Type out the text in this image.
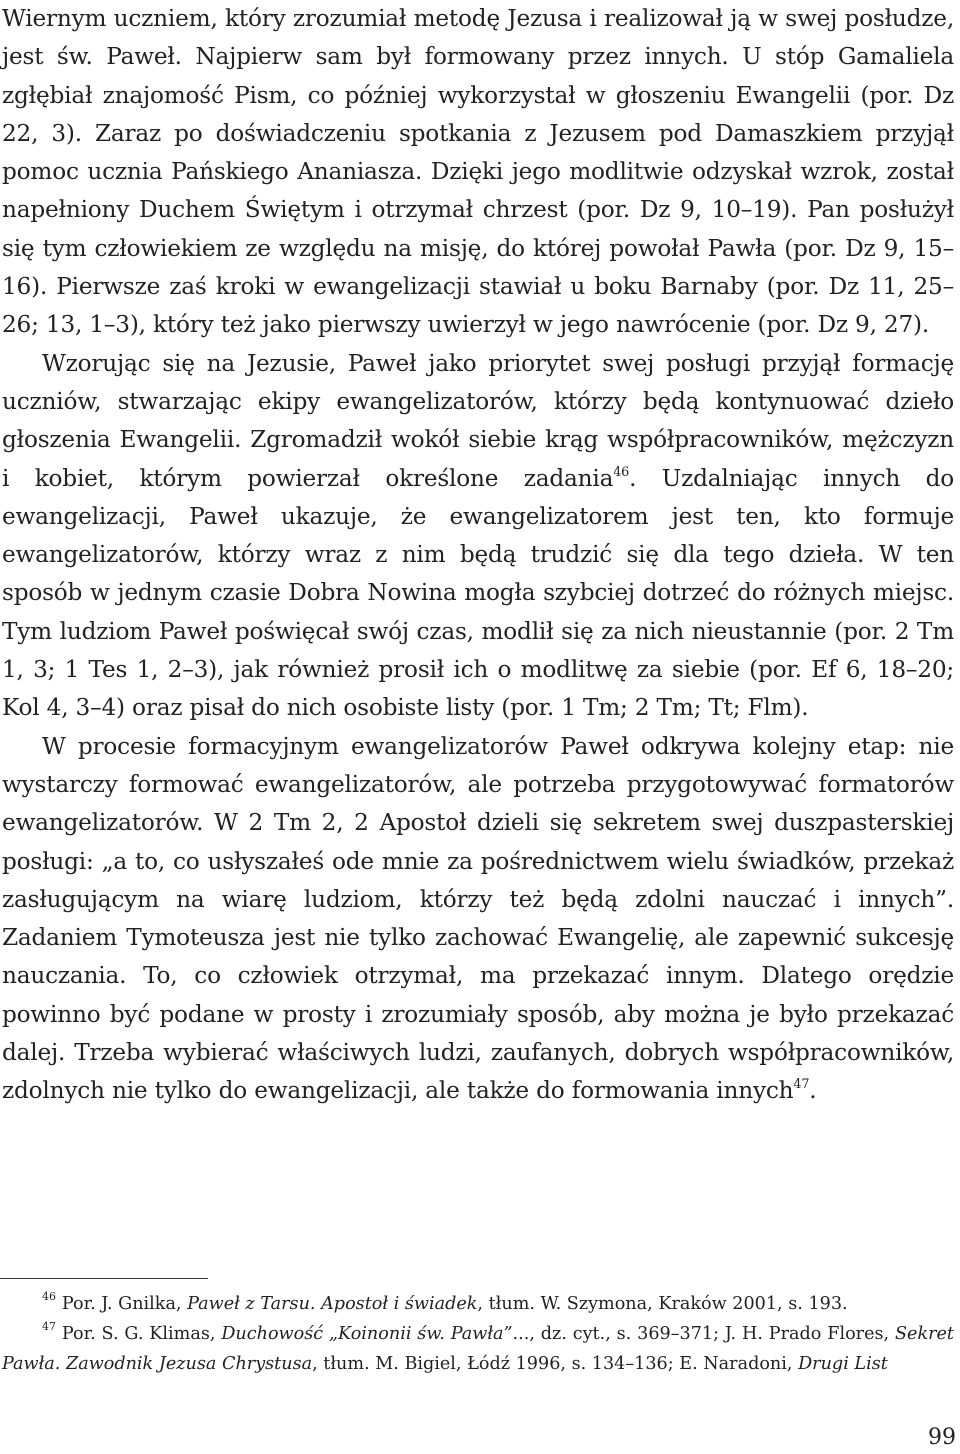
Wiernym uczniem, który zrozumiał metodę Jezusa i realizował ją w swej posłudze, jest św. Paweł. Najpierw sam był formowany przez innych. U stóp Gamaliela zgłębiał znajomość Pism, co później wykorzystał w głoszeniu Ewangelii (por. Dz 22, 3). Zaraz po doświadczeniu spotkania z Jezusem pod Damaszkiem przyjął pomoc ucznia Pańskiego Ananiasza. Dzięki jego modlitwie odzyskał wzrok, został napełniony Duchem Świętym i otrzymał chrzest (por. Dz 9, 10–19). Pan posłużył się tym człowiekiem ze względu na misję, do której powołał Pawła (por. Dz 9, 15–16). Pierwsze zaś kroki w ewangelizacji stawiał u boku Barnaby (por. Dz 11, 25–26; 13, 1–3), który też jako pierwszy uwierzył w jego nawrócenie (por. Dz 9, 27).

Wzorując się na Jezusie, Paweł jako priorytet swej posługi przyjął formację uczniów, stwarzając ekipy ewangelizatorów, którzy będą kontynuować dzieło głoszenia Ewangelii. Zgromadził wokół siebie krąg współpracowników, mężczyzn i kobiet, którym powierzał określone zadania$^{46}$. Uzdalniając innych do ewangelizacji, Paweł ukazuje, że ewangelizatorem jest ten, kto formuje ewangelizatorów, którzy wraz z nim będą trudzić się dla tego dzieła. W ten sposób w jednym czasie Dobra Nowina mogła szybciej dotrzeć do różnych miejsc. Tym ludziom Paweł poświęcał swój czas, modlił się za nich nieustannie (por. 2 Tm 1, 3; 1 Tes 1, 2–3), jak również prosił ich o modlitwę za siebie (por. Ef 6, 18–20; Kol 4, 3–4) oraz pisał do nich osobiste listy (por. 1 Tm; 2 Tm; Tt; Flm).

W procesie formacyjnym ewangelizatorów Paweł odkrywa kolejny etap: nie wystarczy formować ewangelizatorów, ale potrzeba przygotowywać formatorów ewangelizatorów. W 2 Tm 2, 2 Apostoł dzieli się sekretem swej duszpasterskiej posługi: „a to, co usłyszałeś ode mnie za pośrednictwem wielu świadków, przekaż zasługującym na wiarę ludziom, którzy też będą zdolni nauczać i innych”. Zadaniem Tymoteusza jest nie tylko zachować Ewangelię, ale zapewnić sukcesję nauczania. To, co człowiek otrzymał, ma przekazać innym. Dlatego orędzie powinno być podane w prosty i zrozumiały sposób, aby można je było przekazać dalej. Trzeba wybierać właściwych ludzi, zaufanych, dobrych współpracowników, zdolnych nie tylko do ewangelizacji, ale także do formowania innych$^{47}$.

$^{46}$ Por. J. Gnilka, Paweł z Tarsu. Apostoł i świadek, tłum. W. Szymona, Kraków 2001, s. 193.

$^{47}$ Por. S. G. Klimas, Duchowość „Koinonii św. Pawła”..., dz. cyt., s. 369–371; J. H. Prado Flores, Sekret Pawła. Zawodnik Jezusa Chrystusa, tłum. M. Bigiel, Łódź 1996, s. 134–136; E. Naradoni, Drugi List

99
